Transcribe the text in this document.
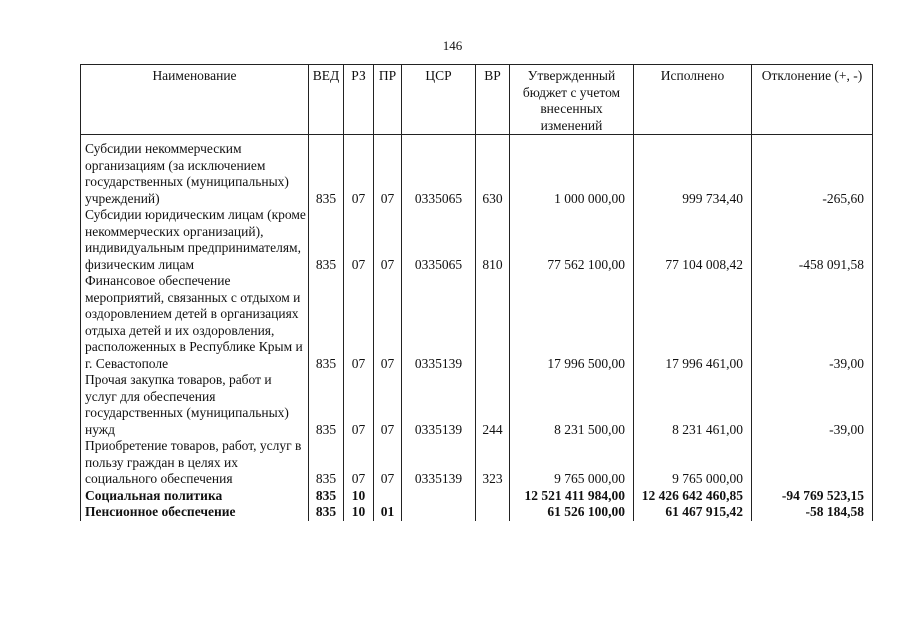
146
Наименование	ВЕД	РЗ	ПР	ЦСР	ВР	Утвержденный бюджет с учетом внесенных изменений	Исполнено	Отклонение (+, -)
Субсидии некоммерческим организациям (за исключением государственных (муниципальных) учреждений)	835	07	07	0335065	630	1 000 000,00	999 734,40	-265,60
Субсидии юридическим лицам (кроме некоммерческих организаций), индивидуальным предпринимателям, физическим лицам	835	07	07	0335065	810	77 562 100,00	77 104 008,42	-458 091,58
Финансовое обеспечение мероприятий, связанных с отдыхом и оздоровлением детей в организациях отдыха детей и их оздоровления, расположенных в Республике Крым и г. Севастополе	835	07	07	0335139		17 996 500,00	17 996 461,00	-39,00
Прочая закупка товаров, работ и услуг для обеспечения государственных (муниципальных) нужд	835	07	07	0335139	244	8 231 500,00	8 231 461,00	-39,00
Приобретение товаров, работ, услуг в пользу граждан в целях их социального обеспечения	835	07	07	0335139	323	9 765 000,00	9 765 000,00	
Социальная политика	835	10				12 521 411 984,00	12 426 642 460,85	-94 769 523,15
Пенсионное обеспечение	835	10	01			61 526 100,00	61 467 915,42	-58 184,58
